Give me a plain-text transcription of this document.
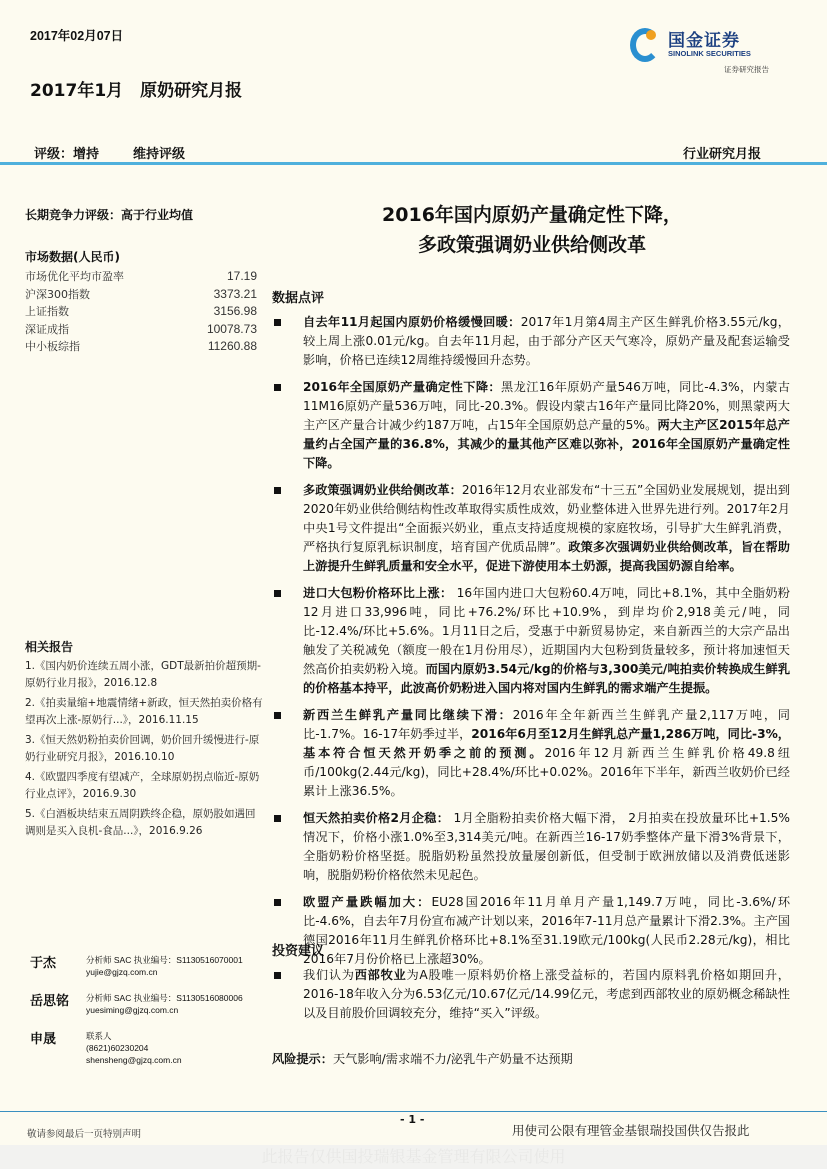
2017年02月07日	国金证券
SINOLINK SECURITIES
证券研究报告
2017年1月　原奶研究月报
评级：增持	维持评级	行业研究月报
长期竞争力评级：高于行业均值
市场数据(人民币)
市场优化平均市盈率	17.19
沪深300指数	3373.21
上证指数	3156.98
深证成指	10078.73
中小板综指	11260.88
相关报告
1.《国内奶价连续五周小涨，GDT最新拍价超预期-原奶行业月报》，2016.12.8
2.《拍卖量缩+地震情绪+新政，恒天然拍卖价格有望再次上涨-原奶行...》，2016.11.15
3.《恒天然奶粉拍卖价回调，奶价回升缓慢进行-原奶行业研究月报》，2016.10.10
4.《欧盟四季度有望减产，全球原奶拐点临近-原奶行业点评》，2016.9.30
5.《白酒板块结束五周阴跌终企稳，原奶股如遇回调则是买入良机-食品...》，2016.9.26
于杰	分析师 SAC 执业编号：S1130516070001
yujie@gjzq.com.cn
岳思铭 分析师 SAC 执业编号：S1130516080006
yuesiming@gjzq.com.cn
申晟	联系人
(8621)60230204
shensheng@gjzq.com.cn
2016年国内原奶产量确定性下降，
多政策强调奶业供给侧改革
数据点评
自去年11月起国内原奶价格缓慢回暖：2017年1月第4周主产区生鲜乳价格3.55元/kg，较上周上涨0.01元/kg。自去年11月起，由于部分产区天气寒冷，原奶产量及配套运输受影响，价格已连续12周维持缓慢回升态势。
2016年全国原奶产量确定性下降：黑龙江16年原奶产量546万吨，同比-4.3%，内蒙古11M16原奶产量536万吨，同比-20.3%。假设内蒙古16年产量同比降20%，则黑蒙两大主产区产量合计减少约187万吨，占15年全国原奶总产量的5%。两大主产区2015年总产量约占全国产量的36.8%，其减少的量其他产区难以弥补，2016年全国原奶产量确定性下降。
多政策强调奶业供给侧改革：2016年12月农业部发布“十三五”全国奶业发展规划，提出到2020年奶业供给侧结构性改革取得实质性成效，奶业整体进入世界先进行列。2017年2月中央1号文件提出“全面振兴奶业，重点支持适度规模的家庭牧场，引导扩大生鲜乳消费，严格执行复原乳标识制度，培育国产优质品牌”。政策多次强调奶业供给侧改革，旨在帮助上游提升生鲜乳质量和安全水平，促进下游使用本土奶源，提高我国奶源自给率。
进口大包粉价格环比上涨： 16年国内进口大包粉60.4万吨，同比+8.1%，其中全脂奶粉12月进口33,996吨，同比+76.2%/环比+10.9%，到岸均价2,918美元/吨，同比-12.4%/环比+5.6%。1月11日之后，受惠于中新贸易协定，来自新西兰的大宗产品出触发了关税减免（额度一般在1月份用尽），近期国内大包粉到货量较多，预计将加速恒天然高价拍卖奶粉入境。而国内原奶3.54元/kg的价格与3,300美元/吨拍卖价转换成生鲜乳的价格基本持平，此波高价奶粉进入国内将对国内生鲜乳的需求端产生提振。
新西兰生鲜乳产量同比继续下滑：2016年全年新西兰生鲜乳产量2,117万吨，同比-1.7%。16-17年奶季过半，2016年6月至12月生鲜乳总产量1,286万吨，同比-3%，基本符合恒天然开奶季之前的预测。2016年12月新西兰生鲜乳价格49.8纽币/100kg(2.44元/kg)，同比+28.4%/环比+0.02%。2016年下半年，新西兰收奶价已经累计上涨36.5%。
恒天然拍卖价格2月企稳： 1月全脂粉拍卖价格大幅下滑， 2月拍卖在投放量环比+1.5%情况下，价格小涨1.0%至3,314美元/吨。在新西兰16-17奶季整体产量下滑3%背景下，全脂奶粉价格坚挺。脱脂奶粉虽然投放量屡创新低，但受制于欧洲放储以及消费低迷影响，脱脂奶粉价格依然未见起色。
欧盟产量跌幅加大：EU28国2016年11月单月产量1,149.7万吨，同比-3.6%/环比-4.6%，自去年7月份宣布减产计划以来，2016年7-11月总产量累计下滑2.3%。主产国德国2016年11月生鲜乳价格环比+8.1%至31.19欧元/100kg(人民币2.28元/kg)，相比2016年7月份价格已上涨超30%。
投资建议
我们认为西部牧业为A股唯一原料奶价格上涨受益标的，若国内原料乳价格如期回升，2016-18年收入分为6.53亿元/10.67亿元/14.99亿元，考虑到西部牧业的原奶概念稀缺性以及目前股价回调较充分，维持“买入”评级。
风险提示：天气影响/需求端不力/泌乳牛产奶量不达预期
- 1 -
敬请参阅最后一页特别声明	用使司公限有理管金基银瑞投国供仅告报此
此报告仅供国投瑞银基金管理有限公司使用
